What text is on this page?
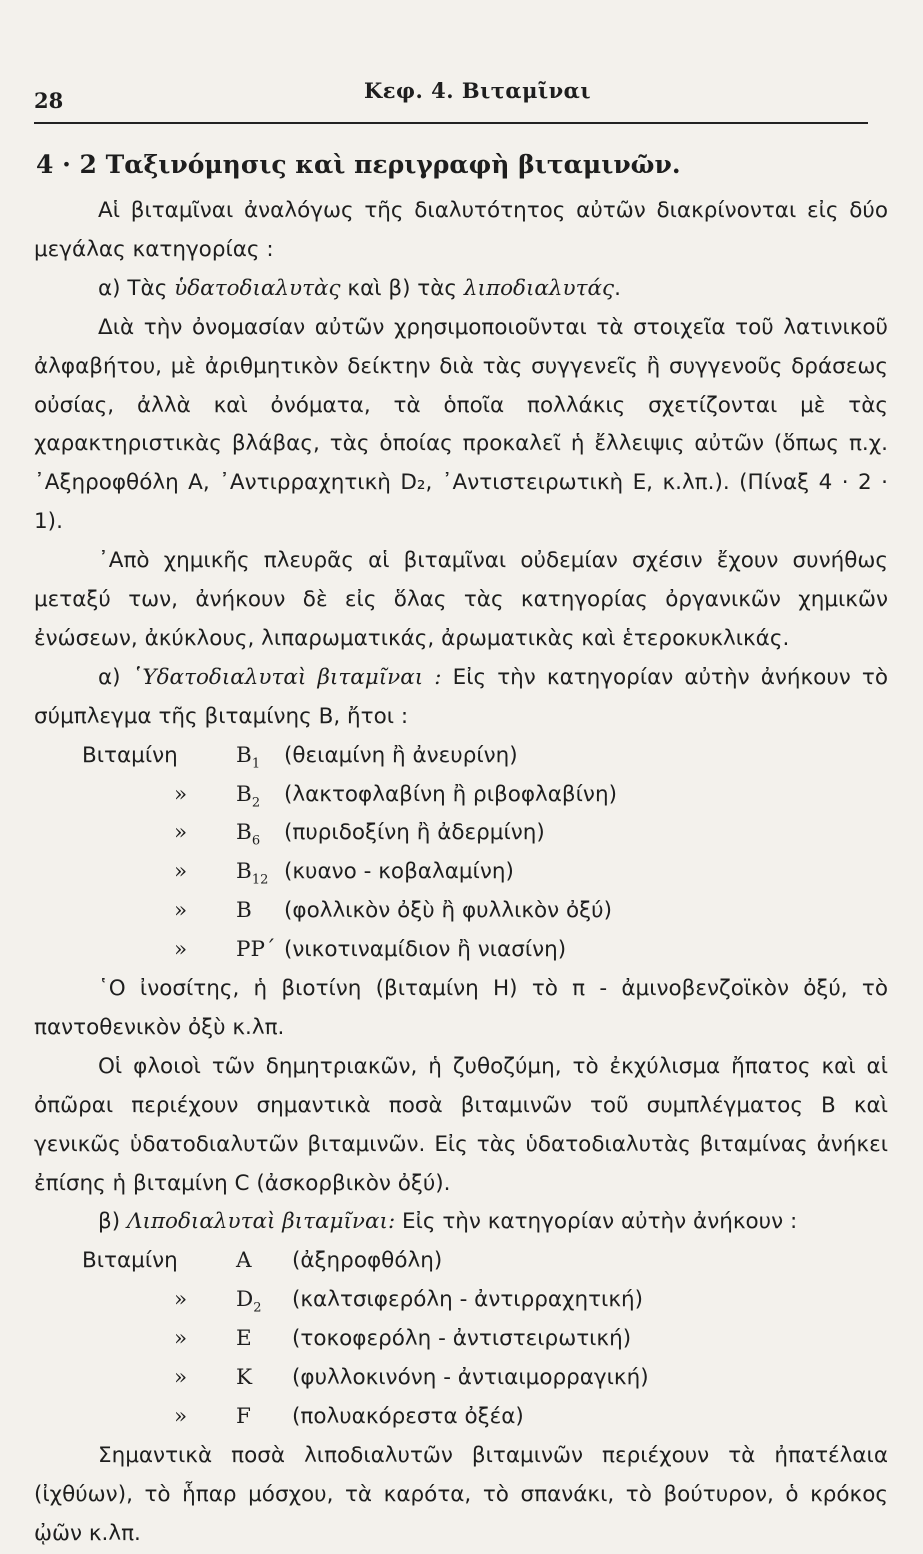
28	Κεφ. 4. Βιταμῖναι
4 · 2 Ταξινόμησις καὶ περιγραφὴ βιταμινῶν.

Αἱ βιταμῖναι ἀναλόγως τῆς διαλυτότητος αὐτῶν διακρίνονται εἰς δύο μεγάλας κατηγορίας :

α) Τὰς ὑδατοδιαλυτὰς καὶ β) τὰς λιποδιαλυτάς.

Διὰ τὴν ὀνομασίαν αὐτῶν χρησιμοποιοῦνται τὰ στοιχεῖα τοῦ λατινικοῦ ἀλφαβήτου, μὲ ἀριθμητικὸν δείκτην διὰ τὰς συγγενεῖς ἢ συγγενοῦς δράσεως οὐσίας, ἀλλὰ καὶ ὀνόματα, τὰ ὁποῖα πολλάκις σχετίζονται μὲ τὰς χαρακτηριστικὰς βλάβας, τὰς ὁποίας προκαλεῖ ἡ ἔλλειψις αὐτῶν (ὅπως π.χ. ᾿Αξηροφθόλη Α, ᾿Αντιρραχητικὴ D₂, ᾿Αντιστειρωτικὴ Ε, κ.λπ.). (Πίναξ 4 · 2 · 1).

᾿Απὸ χημικῆς πλευρᾶς αἱ βιταμῖναι οὐδεμίαν σχέσιν ἔχουν συνήθως μεταξύ των, ἀνήκουν δὲ εἰς ὅλας τὰς κατηγορίας ὀργανικῶν χημικῶν ἐνώσεων, ἀκύκλους, λιπαρωματικάς, ἀρωματικὰς καὶ ἑτεροκυκλικάς.

α) ῾Υδατοδιαλυταὶ βιταμῖναι : Εἰς τὴν κατηγορίαν αὐτὴν ἀνήκουν τὸ σύμπλεγμα τῆς βιταμίνης Β, ἤτοι :

Βιταμίνη	$B_1$ (θειαμίνη ἢ ἀνευρίνη)
» $B_2$ (λακτοφλαβίνη ἢ ριβοφλαβίνη)
» $B_6$ (πυριδοξίνη ἢ ἀδερμίνη)
» $B_{12}$ (κυανο - κοβαλαμίνη)
» B (φολλικὸν ὀξὺ ἢ φυλλικὸν ὀξύ)
» PP΄ (νικοτιναμίδιον ἢ νιασίνη)

῾Ο ἰνοσίτης, ἡ βιοτίνη (βιταμίνη Η) τὸ π - ἀμινοβενζοϊκὸν ὀξύ, τὸ παντοθενικὸν ὀξὺ κ.λπ.

Οἱ φλοιοὶ τῶν δημητριακῶν, ἡ ζυθοζύμη, τὸ ἐκχύλισμα ἤπατος καὶ αἱ ὀπῶραι περιέχουν σημαντικὰ ποσὰ βιταμινῶν τοῦ συμπλέγματος Β καὶ γενικῶς ὑδατοδιαλυτῶν βιταμινῶν. Εἰς τὰς ὑδατοδιαλυτὰς βιταμίνας ἀνήκει ἐπίσης ἡ βιταμίνη C (ἀσκορβικὸν ὀξύ).

β) Λιποδιαλυταὶ βιταμῖναι: Εἰς τὴν κατηγορίαν αὐτὴν ἀνήκουν :

Βιταμίνη	A (ἀξηροφθόλη)
» $D_2$ (καλτσιφερόλη - ἀντιρραχητική)
» E (τοκοφερόλη - ἀντιστειρωτική)
» K (φυλλοκινόνη - ἀντιαιμορραγική)
» F (πολυακόρεστα ὀξέα)

Σημαντικὰ ποσὰ λιποδιαλυτῶν βιταμινῶν περιέχουν τὰ ἠπατέλαια (ἰχθύων), τὸ ἧπαρ μόσχου, τὰ καρότα, τὸ σπανάκι, τὸ βούτυρον, ὁ κρόκος ᾠῶν κ.λπ.
